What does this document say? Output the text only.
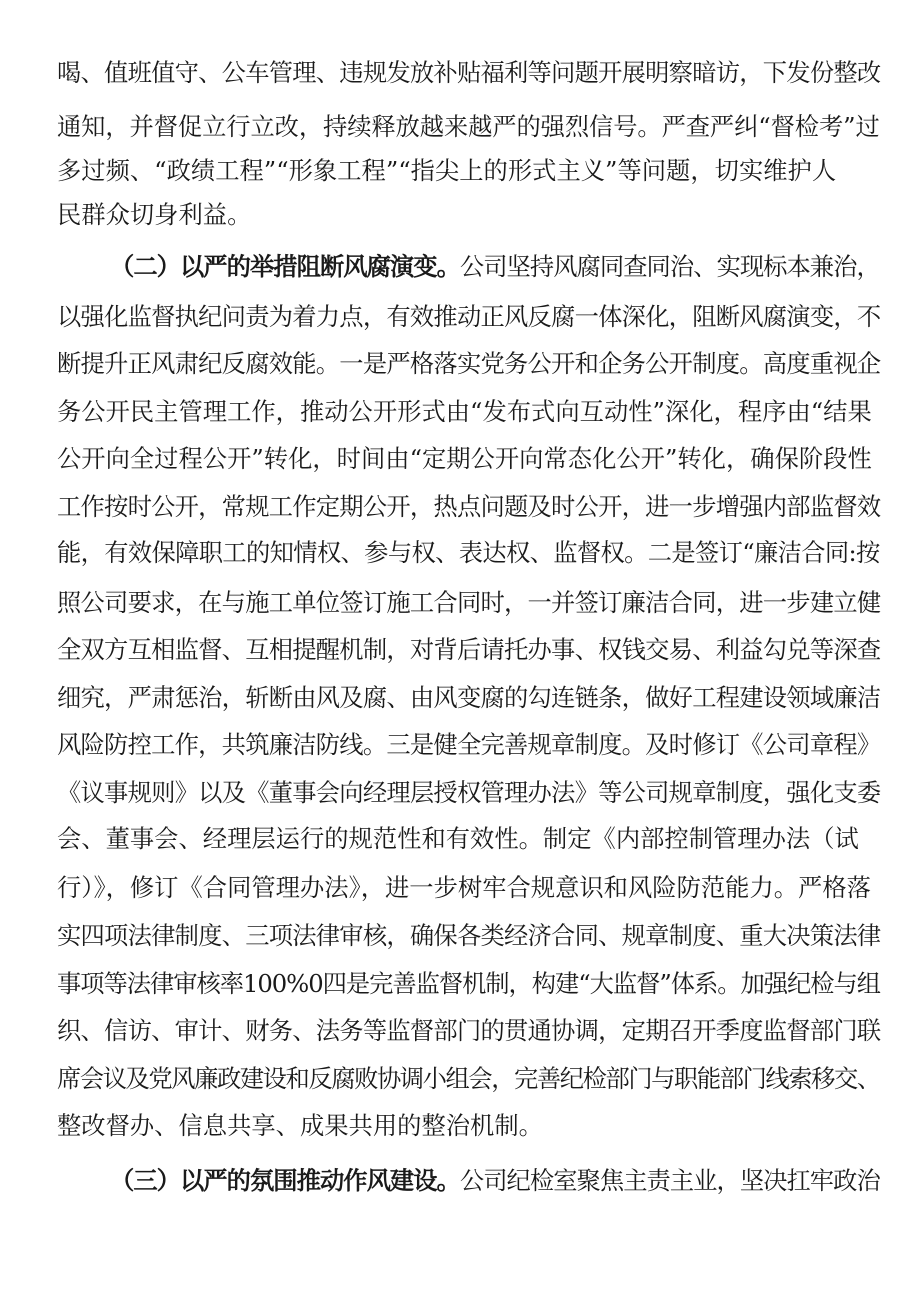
喝、值班值守、公车管理、违规发放补贴福利等问题开展明察暗访，下发份整改
通知，并督促立行立改，持续释放越来越严的强烈信号。严查严纠“督检考”过
多过频、“政绩工程”“形象工程”“指尖上的形式主义”等问题，切实维护人
民群众切身利益。
（二）以严的举措阻断风腐演变。公司坚持风腐同查同治、实现标本兼治，
以强化监督执纪问责为着力点，有效推动正风反腐一体深化，阻断风腐演变，不
断提升正风肃纪反腐效能。一是严格落实党务公开和企务公开制度。高度重视企
务公开民主管理工作，推动公开形式由“发布式向互动性”深化，程序由“结果
公开向全过程公开”转化，时间由“定期公开向常态化公开”转化，确保阶段性
工作按时公开，常规工作定期公开，热点问题及时公开，进一步增强内部监督效
能，有效保障职工的知情权、参与权、表达权、监督权。二是签订“廉洁合同:按
照公司要求，在与施工单位签订施工合同时，一并签订廉洁合同，进一步建立健
全双方互相监督、互相提醒机制，对背后请托办事、权钱交易、利益勾兑等深查
细究，严肃惩治，斩断由风及腐、由风变腐的勾连链条，做好工程建设领域廉洁
风险防控工作，共筑廉洁防线。三是健全完善规章制度。及时修订《公司章程》
《议事规则》以及《董事会向经理层授权管理办法》等公司规章制度，强化支委
会、董事会、经理层运行的规范性和有效性。制定《内部控制管理办法（试
行）》，修订《合同管理办法》，进一步树牢合规意识和风险防范能力。严格落
实四项法律制度、三项法律审核，确保各类经济合同、规章制度、重大决策法律
事项等法律审核率100%0四是完善监督机制，构建“大监督”体系。加强纪检与组
织、信访、审计、财务、法务等监督部门的贯通协调，定期召开季度监督部门联
席会议及党风廉政建设和反腐败协调小组会，完善纪检部门与职能部门线索移交、
整改督办、信息共享、成果共用的整治机制。
（三）以严的氛围推动作风建设。公司纪检室聚焦主责主业，坚决扛牢政治
